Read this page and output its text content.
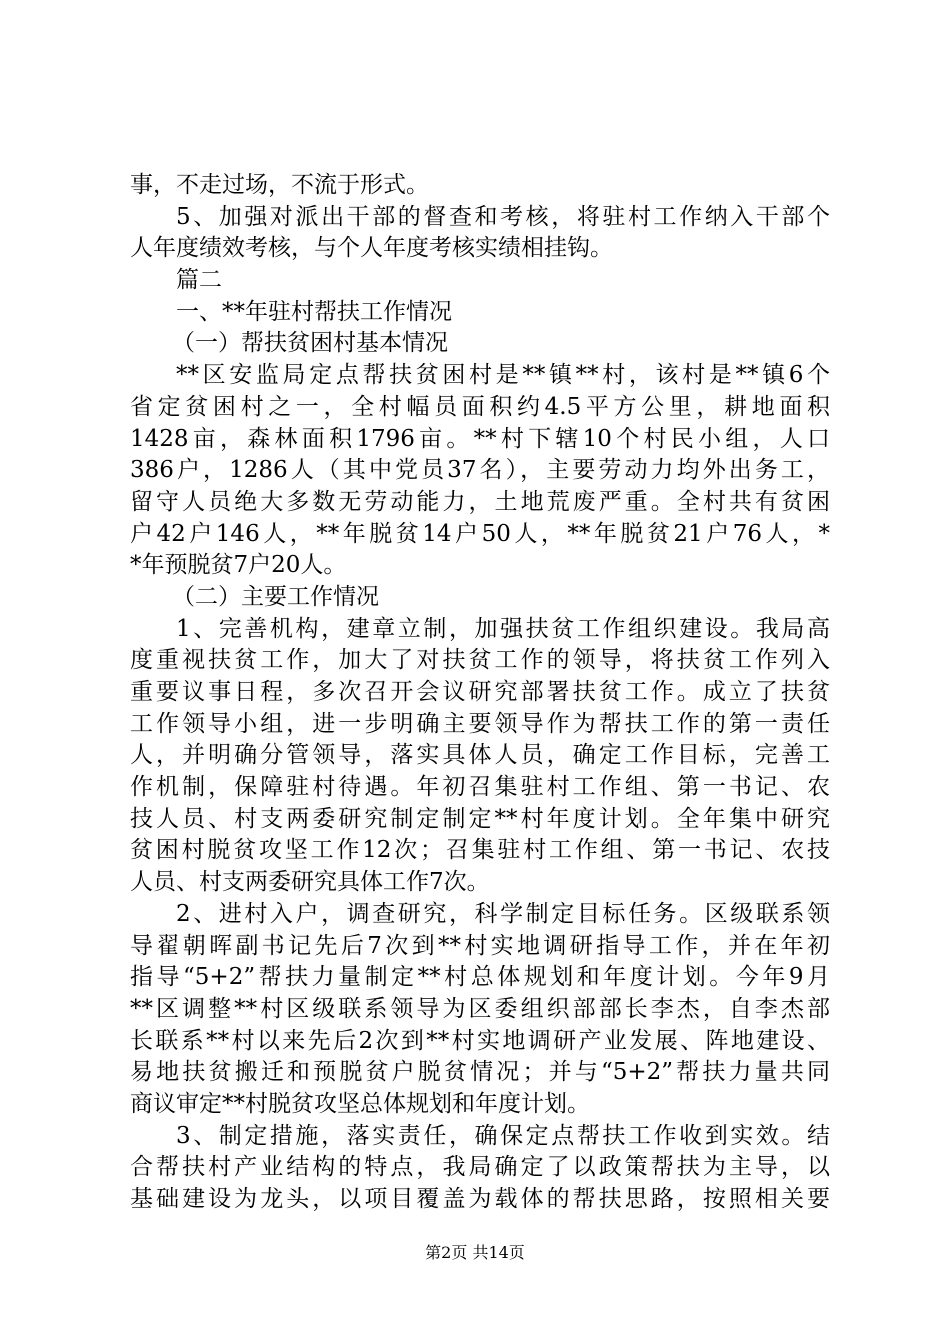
事，不走过场，不流于形式。
5、加强对派出干部的督查和考核，将驻村工作纳入干部个
人年度绩效考核，与个人年度考核实绩相挂钩。
篇二
一、**年驻村帮扶工作情况
（一）帮扶贫困村基本情况
**区安监局定点帮扶贫困村是**镇**村，该村是**镇6个
省定贫困村之一，全村幅员面积约4.5平方公里，耕地面积
1428亩，森林面积1796亩。**村下辖10个村民小组，人口
386户，1286人（其中党员37名），主要劳动力均外出务工，
留守人员绝大多数无劳动能力，土地荒废严重。全村共有贫困
户42户146人，**年脱贫14户50人，**年脱贫21户76人，*
*年预脱贫7户20人。
（二）主要工作情况
1、完善机构，建章立制，加强扶贫工作组织建设。我局高
度重视扶贫工作，加大了对扶贫工作的领导，将扶贫工作列入
重要议事日程，多次召开会议研究部署扶贫工作。成立了扶贫
工作领导小组，进一步明确主要领导作为帮扶工作的第一责任
人，并明确分管领导，落实具体人员，确定工作目标，完善工
作机制，保障驻村待遇。年初召集驻村工作组、第一书记、农
技人员、村支两委研究制定制定**村年度计划。全年集中研究
贫困村脱贫攻坚工作12次；召集驻村工作组、第一书记、农技
人员、村支两委研究具体工作7次。
2、进村入户，调查研究，科学制定目标任务。区级联系领
导翟朝晖副书记先后7次到**村实地调研指导工作，并在年初
指导“5+2”帮扶力量制定**村总体规划和年度计划。今年9月
**区调整**村区级联系领导为区委组织部部长李杰，自李杰部
长联系**村以来先后2次到**村实地调研产业发展、阵地建设、
易地扶贫搬迁和预脱贫户脱贫情况；并与“5+2”帮扶力量共同
商议审定**村脱贫攻坚总体规划和年度计划。
3、制定措施，落实责任，确保定点帮扶工作收到实效。结
合帮扶村产业结构的特点，我局确定了以政策帮扶为主导，以
基础建设为龙头，以项目覆盖为载体的帮扶思路，按照相关要
第2页 共14页
